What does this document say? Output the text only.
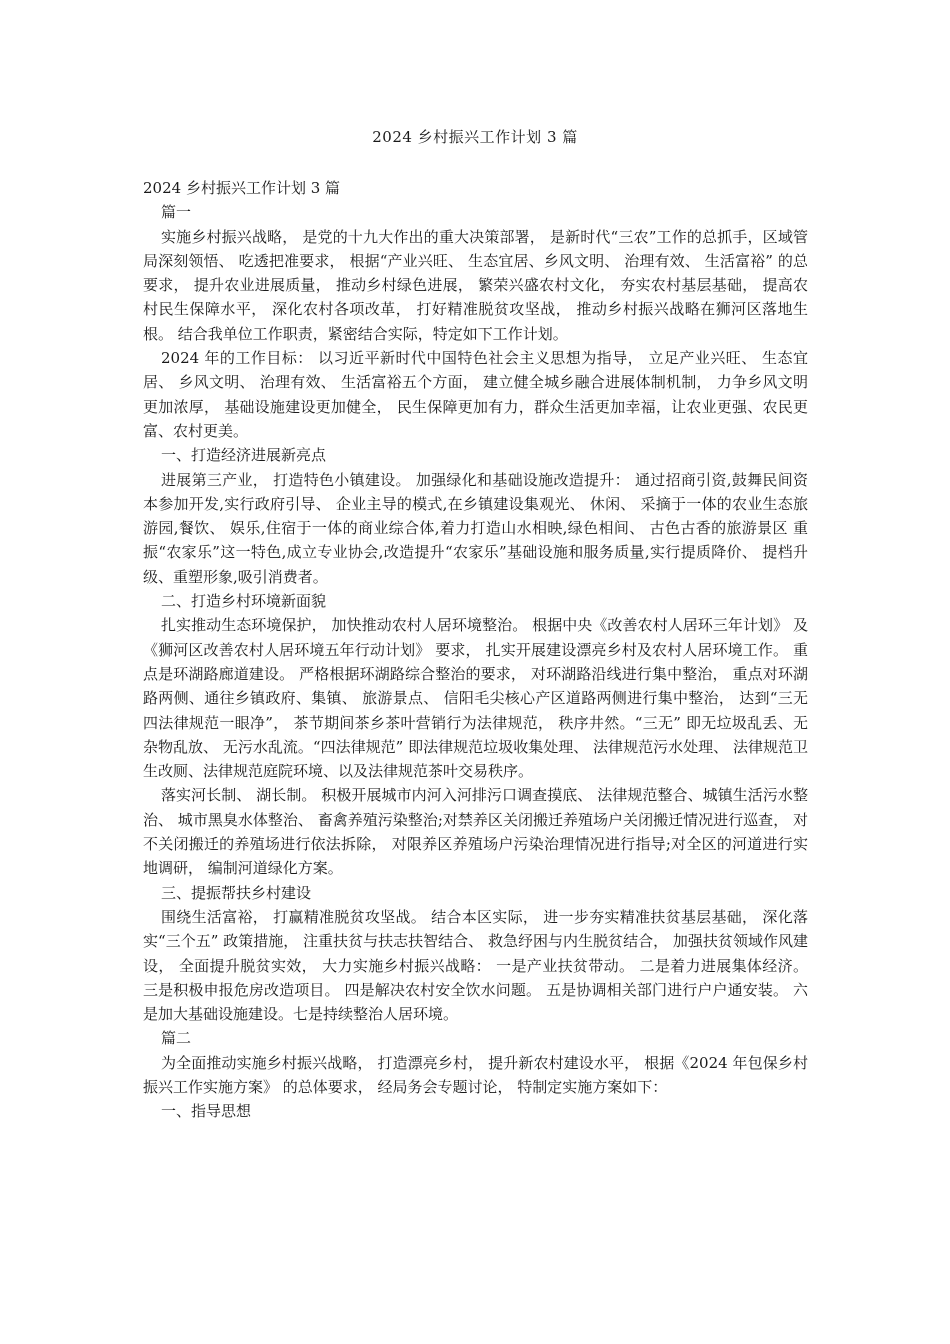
2024 乡村振兴工作计划 3 篇

2024 乡村振兴工作计划 3 篇

篇一

实施乡村振兴战略， 是党的十九大作出的重大决策部署， 是新时代“三农”工作的总抓手，区域管局深刻领悟、 吃透把准要求， 根据“产业兴旺、 生态宜居、乡风文明、 治理有效、 生活富裕” 的总要求， 提升农业进展质量， 推动乡村绿色进展， 繁荣兴盛农村文化， 夯实农村基层基础， 提高农村民生保障水平， 深化农村各项改革， 打好精准脱贫攻坚战， 推动乡村振兴战略在狮河区落地生根。 结合我单位工作职责，紧密结合实际，特定如下工作计划。

2024 年的工作目标： 以习近平新时代中国特色社会主义思想为指导， 立足产业兴旺、 生态宜居、 乡风文明、 治理有效、 生活富裕五个方面， 建立健全城乡融合进展体制机制， 力争乡风文明更加浓厚， 基础设施建设更加健全， 民生保障更加有力，群众生活更加幸福，让农业更强、农民更富、农村更美。

一、打造经济进展新亮点

进展第三产业， 打造特色小镇建设。 加强绿化和基础设施改造提升： 通过招商引资,鼓舞民间资本参加开发,实行政府引导、 企业主导的模式,在乡镇建设集观光、 休闲、 采摘于一体的农业生态旅游园,餐饮、 娱乐,住宿于一体的商业综合体,着力打造山水相映,绿色相间、 古色古香的旅游景区 重振“农家乐”这一特色,成立专业协会,改造提升“农家乐”基础设施和服务质量,实行提质降价、 提档升级、重塑形象,吸引消费者。

二、打造乡村环境新面貌

扎实推动生态环境保护， 加快推动农村人居环境整治。 根据中央《改善农村人居环三年计划》 及《狮河区改善农村人居环境五年行动计划》 要求， 扎实开展建设漂亮乡村及农村人居环境工作。 重点是环湖路廊道建设。 严格根据环湖路综合整治的要求， 对环湖路沿线进行集中整治， 重点对环湖路两侧、通往乡镇政府、集镇、 旅游景点、 信阳毛尖核心产区道路两侧进行集中整治， 达到“三无四法律规范一眼净”， 茶节期间茶乡茶叶营销行为法律规范， 秩序井然。“三无” 即无垃圾乱丢、无杂物乱放、 无污水乱流。“四法律规范” 即法律规范垃圾收集处理、 法律规范污水处理、 法律规范卫生改厕、法律规范庭院环境、以及法律规范茶叶交易秩序。

落实河长制、 湖长制。 积极开展城市内河入河排污口调查摸底、 法律规范整合、城镇生活污水整治、 城市黑臭水体整治、 畜禽养殖污染整治;对禁养区关闭搬迁养殖场户关闭搬迁情况进行巡查， 对不关闭搬迁的养殖场进行依法拆除， 对限养区养殖场户污染治理情况进行指导;对全区的河道进行实地调研， 编制河道绿化方案。

三、提振帮扶乡村建设

围绕生活富裕， 打赢精准脱贫攻坚战。 结合本区实际， 进一步夯实精准扶贫基层基础， 深化落实“三个五” 政策措施， 注重扶贫与扶志扶智结合、 救急纾困与内生脱贫结合， 加强扶贫领域作风建设， 全面提升脱贫实效， 大力实施乡村振兴战略： 一是产业扶贫带动。 二是着力进展集体经济。 三是积极申报危房改造项目。 四是解决农村安全饮水问题。 五是协调相关部门进行户户通安装。 六是加大基础设施建设。七是持续整治人居环境。

篇二

为全面推动实施乡村振兴战略， 打造漂亮乡村， 提升新农村建设水平， 根据《2024 年包保乡村振兴工作实施方案》 的总体要求， 经局务会专题讨论， 特制定实施方案如下：

一、指导思想
